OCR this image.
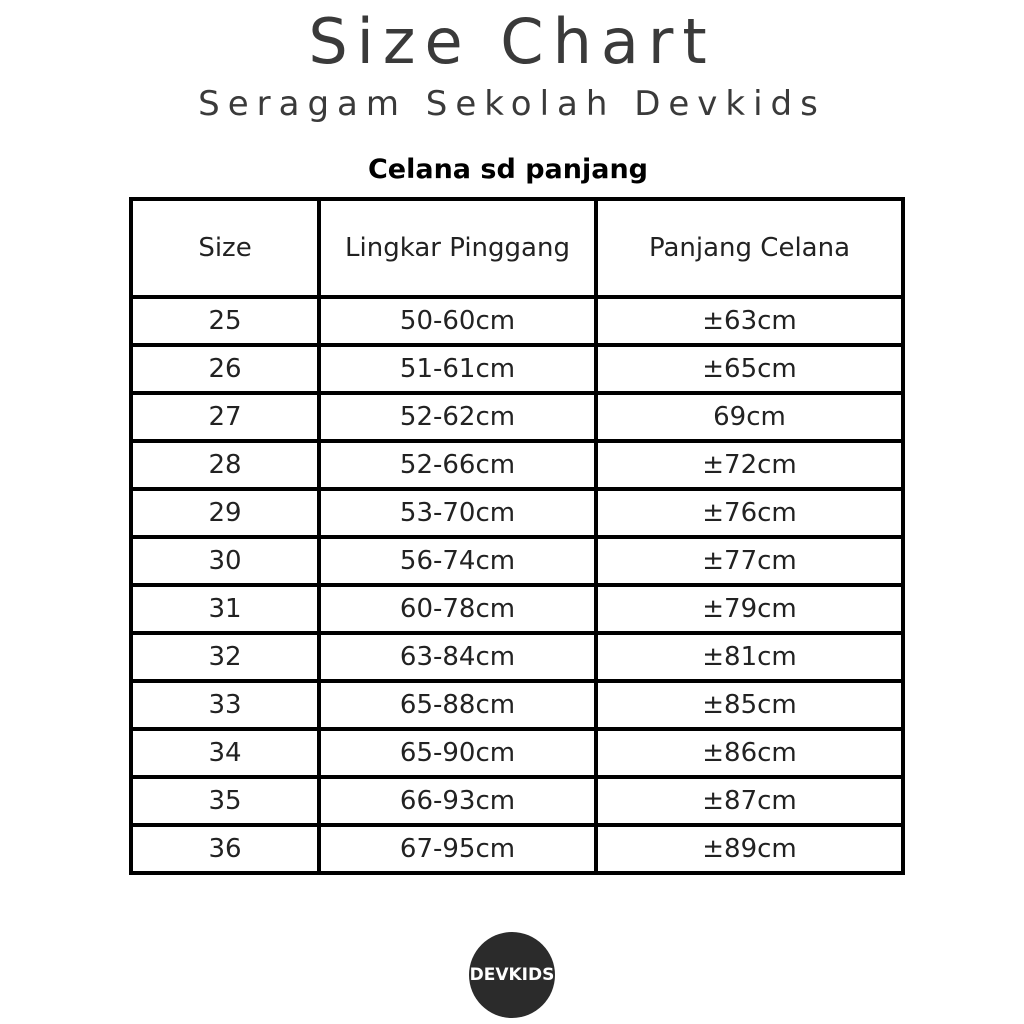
Size Chart
Seragam Sekolah Devkids
Celana sd panjang
Size	Lingkar Pinggang	Panjang Celana
25	50-60cm	±63cm
26	51-61cm	±65cm
27	52-62cm	69cm
28	52-66cm	±72cm
29	53-70cm	±76cm
30	56-74cm	±77cm
31	60-78cm	±79cm
32	63-84cm	±81cm
33	65-88cm	±85cm
34	65-90cm	±86cm
35	66-93cm	±87cm
36	67-95cm	±89cm
DEVKIDS
